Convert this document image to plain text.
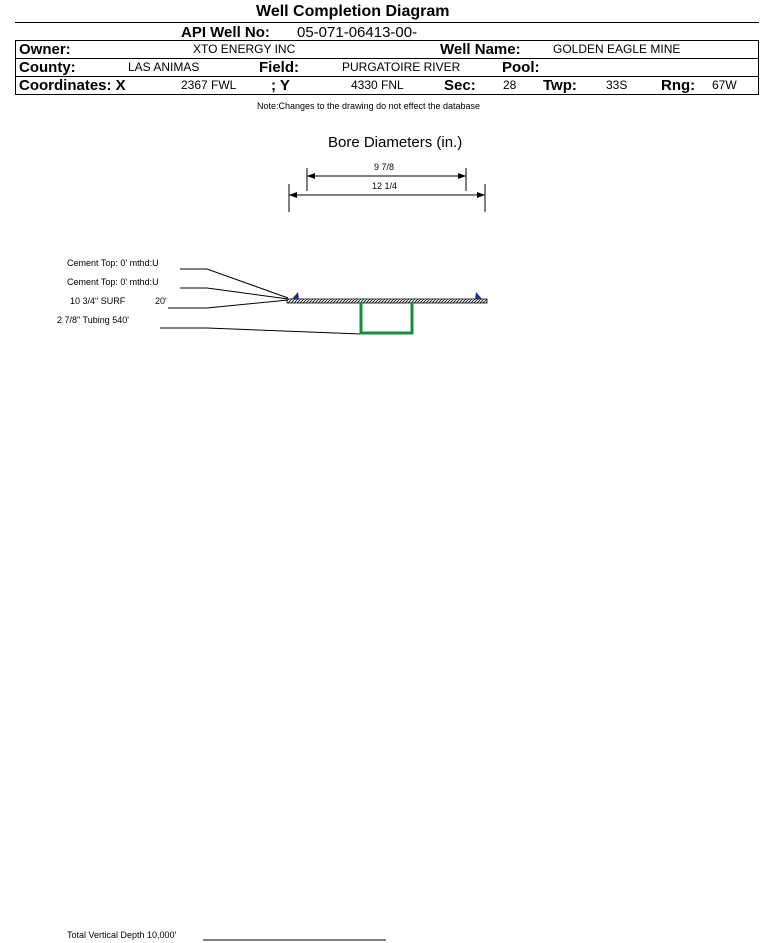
Well Completion Diagram
API Well No: 05-071-06413-00-
Owner:	XTO ENERGY INC	Well Name:	GOLDEN EAGLE MINE
County:	LAS ANIMAS	Field:	PURGATOIRE RIVER	Pool:
Coordinates: X	2367 FWL ; Y	4330 FNL	Sec: 28 Twp: 33S Rng: 67W
Note:Changes to the drawing do not effect the database
Bore Diameters (in.)
9 7/8
12 1/4
Cement Top: 0' mthd:U
Cement Top: 0' mthd:U
10 3/4" SURF	20'
2 7/8" Tubing 540'
Total Vertical Depth 10,000'
